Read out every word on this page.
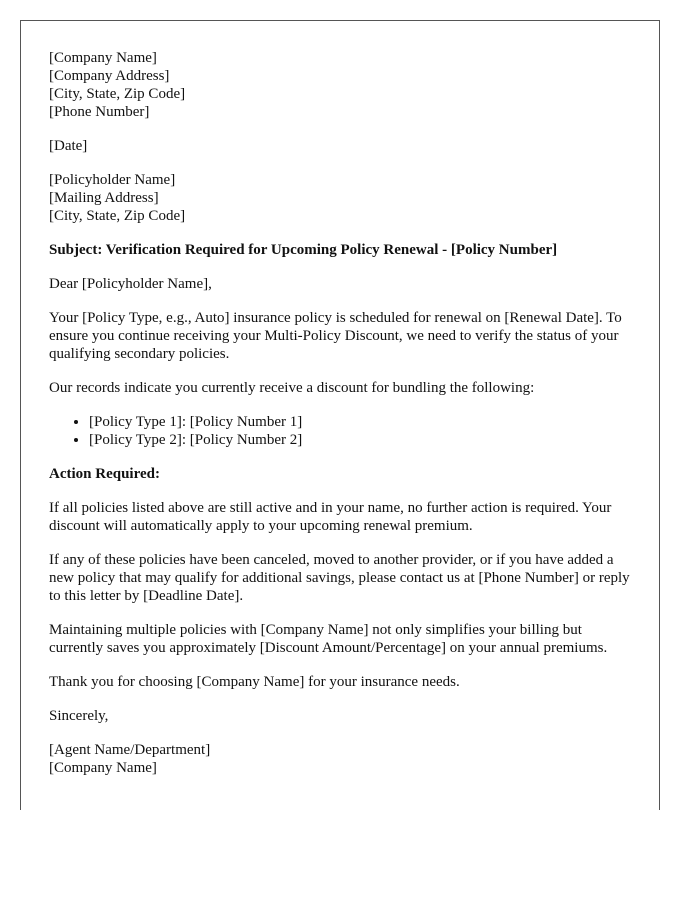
[Company Name]
[Company Address]
[City, State, Zip Code]
[Phone Number]
[Date]
[Policyholder Name]
[Mailing Address]
[City, State, Zip Code]

Subject: Verification Required for Upcoming Policy Renewal - [Policy Number]

Dear [Policyholder Name],

Your [Policy Type, e.g., Auto] insurance policy is scheduled for renewal on [Renewal Date]. To ensure you continue receiving your Multi-Policy Discount, we need to verify the status of your qualifying secondary policies.

Our records indicate you currently receive a discount for bundling the following:

• [Policy Type 1]: [Policy Number 1]
• [Policy Type 2]: [Policy Number 2]

Action Required:

If all policies listed above are still active and in your name, no further action is required. Your discount will automatically apply to your upcoming renewal premium.

If any of these policies have been canceled, moved to another provider, or if you have added a new policy that may qualify for additional savings, please contact us at [Phone Number] or reply to this letter by [Deadline Date].

Maintaining multiple policies with [Company Name] not only simplifies your billing but currently saves you approximately [Discount Amount/Percentage] on your annual premiums.

Thank you for choosing [Company Name] for your insurance needs.

Sincerely,

[Agent Name/Department]
[Company Name]
